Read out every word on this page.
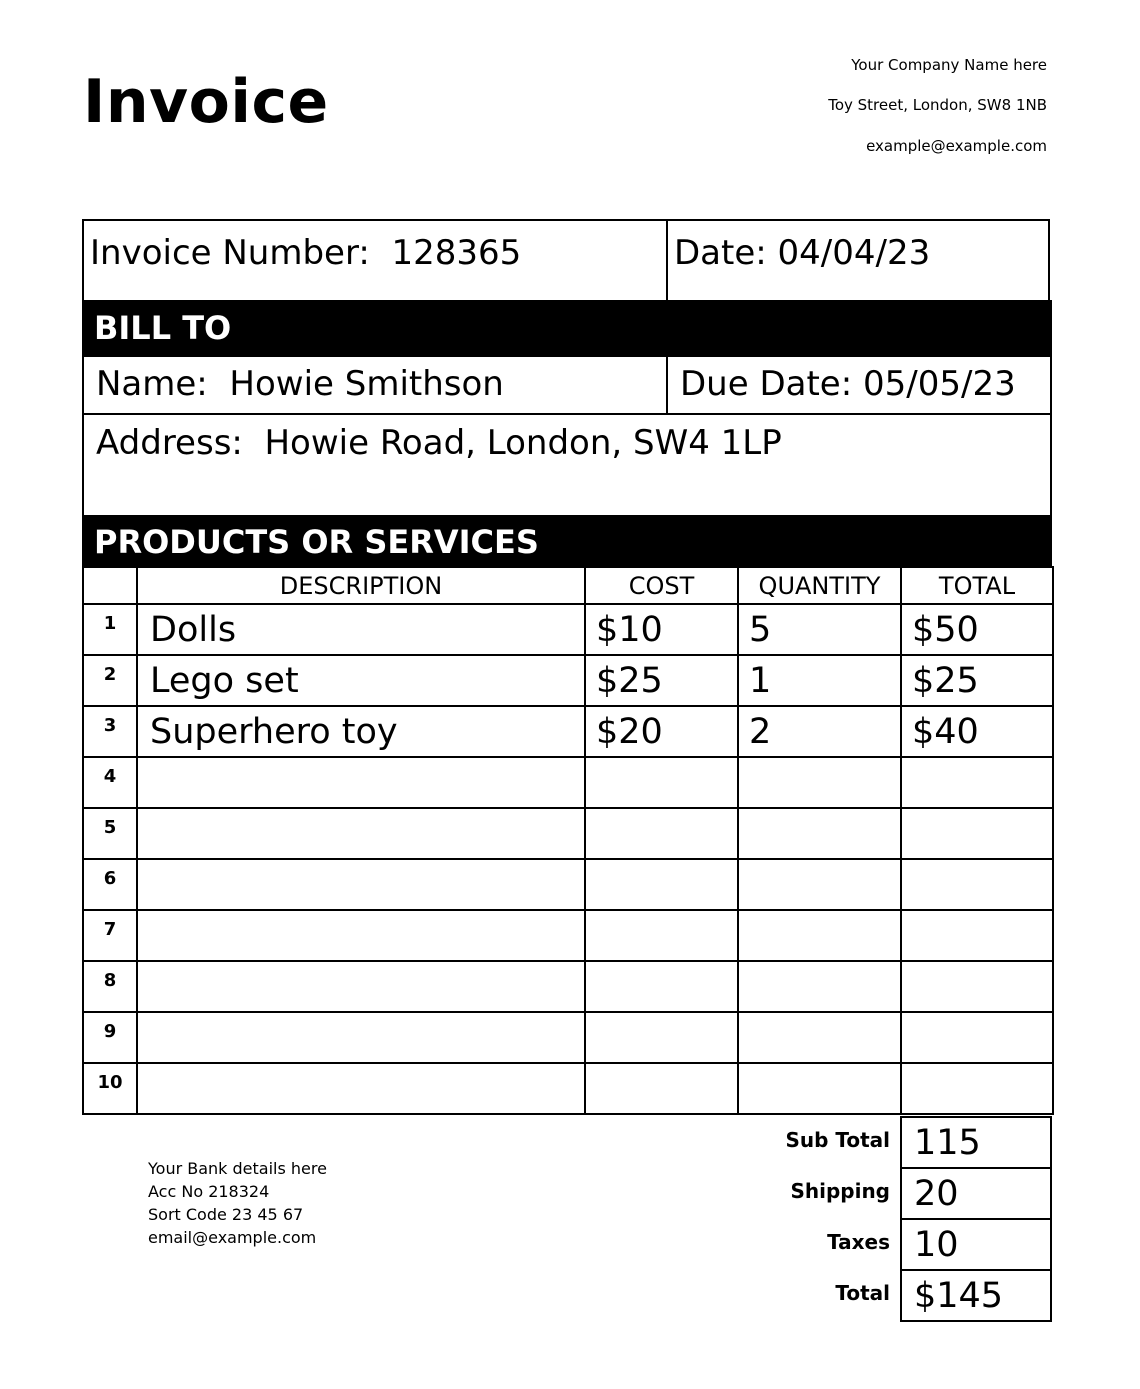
Invoice
Your Company Name here
Toy Street, London, SW8 1NB
example@example.com
Invoice Number: 128365	Date: 04/04/23
BILL TO
Name: Howie Smithson	Due Date: 05/05/23
Address: Howie Road, London, SW4 1LP
PRODUCTS OR SERVICES
	DESCRIPTION	COST	QUANTITY	TOTAL
1	Dolls	$10	5	$50
2	Lego set	$25	1	$25
3	Superhero toy	$20	2	$40
4				
5				
6				
7				
8				
9				
10				
Sub Total 115
Shipping 20
Taxes 10
Total $145
Your Bank details here
Acc No 218324
Sort Code 23 45 67
email@example.com
